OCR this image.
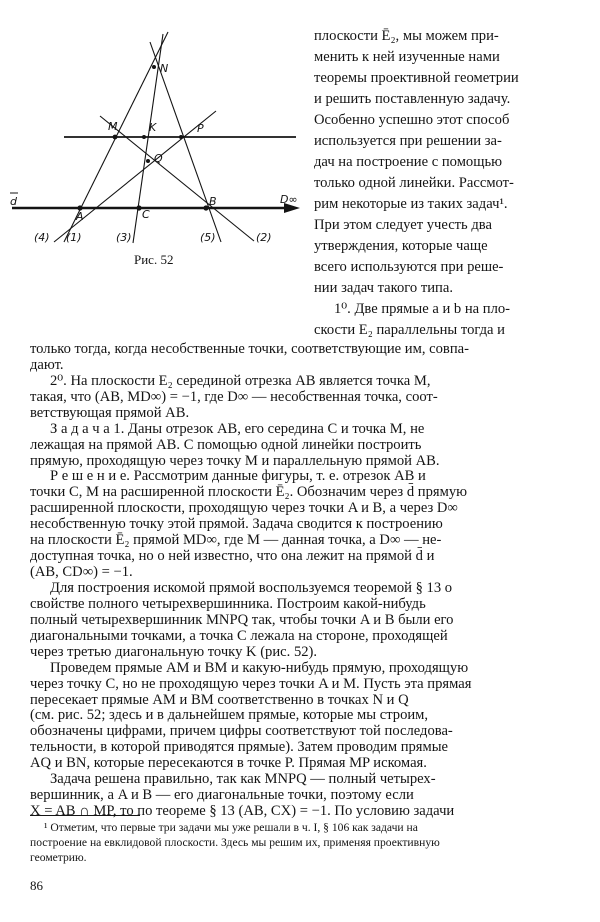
N
M	K	P
Q
A	C
B
d	D∞
(4) (1)	(3)	(5)	(2)
Рис. 52
плоскости Ē₂, мы можем при-
менить к ней изученные нами
теоремы проективной геометрии
и решить поставленную задачу.
Особенно успешно этот способ
используется при решении за-
дач на построение с помощью
только одной линейки. Рассмот-
рим некоторые из таких задач¹.
При этом следует учесть два
утверждения, которые чаще
всего используются при реше-
нии задач такого типа.
1⁰. Две прямые a и b на пло-
скости E₂ параллельны тогда и
только тогда, когда несобственные точки, соответствующие им, совпа-
дают.
2⁰. На плоскости E₂ серединой отрезка AB является точка M,
такая, что (AB, MD∞) = −1, где D∞ — несобственная точка, соот-
ветствующая прямой AB.
З а д а ч а 1. Даны отрезок AB, его середина C и точка M, не
лежащая на прямой AB. С помощью одной линейки построить
прямую, проходящую через точку M и параллельную прямой AB.
Р е ш е н и е. Рассмотрим данные фигуры, т. е. отрезок AB и
точки C, M на расширенной плоскости Ē₂. Обозначим через d̄ прямую
расширенной плоскости, проходящую через точки A и B, а через D∞
несобственную точку этой прямой. Задача сводится к построению
на плоскости Ē₂ прямой MD∞, где M — данная точка, а D∞ — не-
доступная точка, но о ней известно, что она лежит на прямой d̄ и
(AB, CD∞) = −1.
Для построения искомой прямой воспользуемся теоремой § 13 о
свойстве полного четырехвершинника. Построим какой-нибудь
полный четырехвершинник MNPQ так, чтобы точки A и B были его
диагональными точками, а точка C лежала на стороне, проходящей
через третью диагональную точку K (рис. 52).
Проведем прямые AM и BM и какую-нибудь прямую, проходящую
через точку C, но не проходящую через точки A и M. Пусть эта прямая
пересекает прямые AM и BM соответственно в точках N и Q
(см. рис. 52; здесь и в дальнейшем прямые, которые мы строим,
обозначены цифрами, причем цифры соответствуют той последова-
тельности, в которой приводятся прямые). Затем проводим прямые
AQ и BN, которые пересекаются в точке P. Прямая MP искомая.
Задача решена правильно, так как MNPQ — полный четырех-
вершинник, а A и B — его диагональные точки, поэтому если
X = AB ∩ MP, то по теореме § 13 (AB, CX) = −1. По условию задачи
¹ Отметим, что первые три задачи мы уже решали в ч. I, § 106 как задачи на
построение на евклидовой плоскости. Здесь мы решим их, применяя проективную
геометрию.
86
